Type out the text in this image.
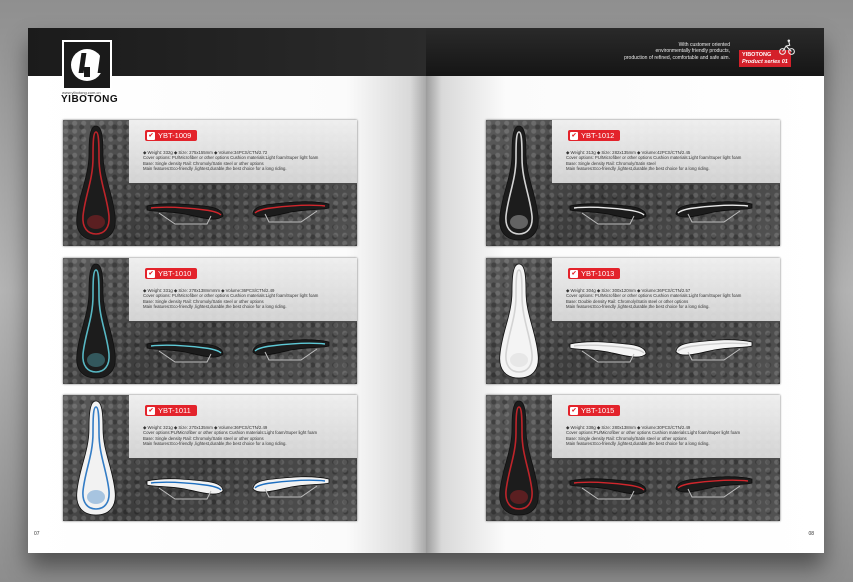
www.yibotong.com.cn
YIBOTONG
✔ YBT-1009
◆ Weight: 332g ◆ Size: 275x155mm ◆ Volume:34PCS/CTN/2.72
Cover options: PU/Microfiber or other options Cushion materials:Light foam/Super light foam
Base: Single density Rail: Chromoly/Satin steel or other options
Main features:Eco-friendly ,lightest,durable,the best choice for a long riding.
✔ YBT-1010
◆ Weight: 331g ◆ Size: 278x138mmmm ◆ Volume:36PCS/CTN/2.49
Cover options: PU/Microfiber or other options Cushion materials:Light foam/Super light foam
Base: Single density Rail: Chromoly/Satin steel or other options
Main features:Eco-friendly ,lightest,durable,the best choice for a long riding.
✔ YBT-1011
◆ Weight: 321g ◆ Size: 270x135mm ◆ Volume:36PCS/CTN/2.49
Cover options:PU/Microfiber or other options Cushion materials:Light foam/Super light foam
Base: Single density Rail: Chromoly/Satin steel or other options
Main features:Eco-friendly ,lightest,durable,the best choice for a long riding.
07
With customer oriented
environmentally friendly products,
production of refined, comfortable and safe aim. YIBOTONG
Product series 01
✔ YBT-1012
◆ Weight: 313g ◆ Size: 282x135mm ◆ Volume:42PCS/CTN/2.45
Cover options: PU/Microfiber or other options Cushion materials:Light foam/Super light foam
Base: Single density Rail: Chromoly/Satin steel
Main features:Eco-friendly ,lightest,durable,the best choice for a long riding.
✔ YBT-1013
◆ Weight: 304g ◆ Size: 300x120mm ◆ Volume:36PCS/CTN/2.57
Cover options: PU/Microfiber or other options Cushion materials:Light foam/Super light foam
Base: Double density Rail: Chromoly/Satin steel or other options
Main features:Eco-friendly ,lightest,durable,the best choice for a long riding.
✔ YBT-1015
◆ Weight: 338g ◆ Size: 280x138mm ◆ Volume:30PCS/CTN/2.49
Cover options:PU/Microfiber or other options Cushion materials:Light foam/Super light foam
Base: Single density Rail: Chromoly/Satin steel or other options
Main features:Eco-friendly ,lightest,durable,the best choice for a long riding.
08
